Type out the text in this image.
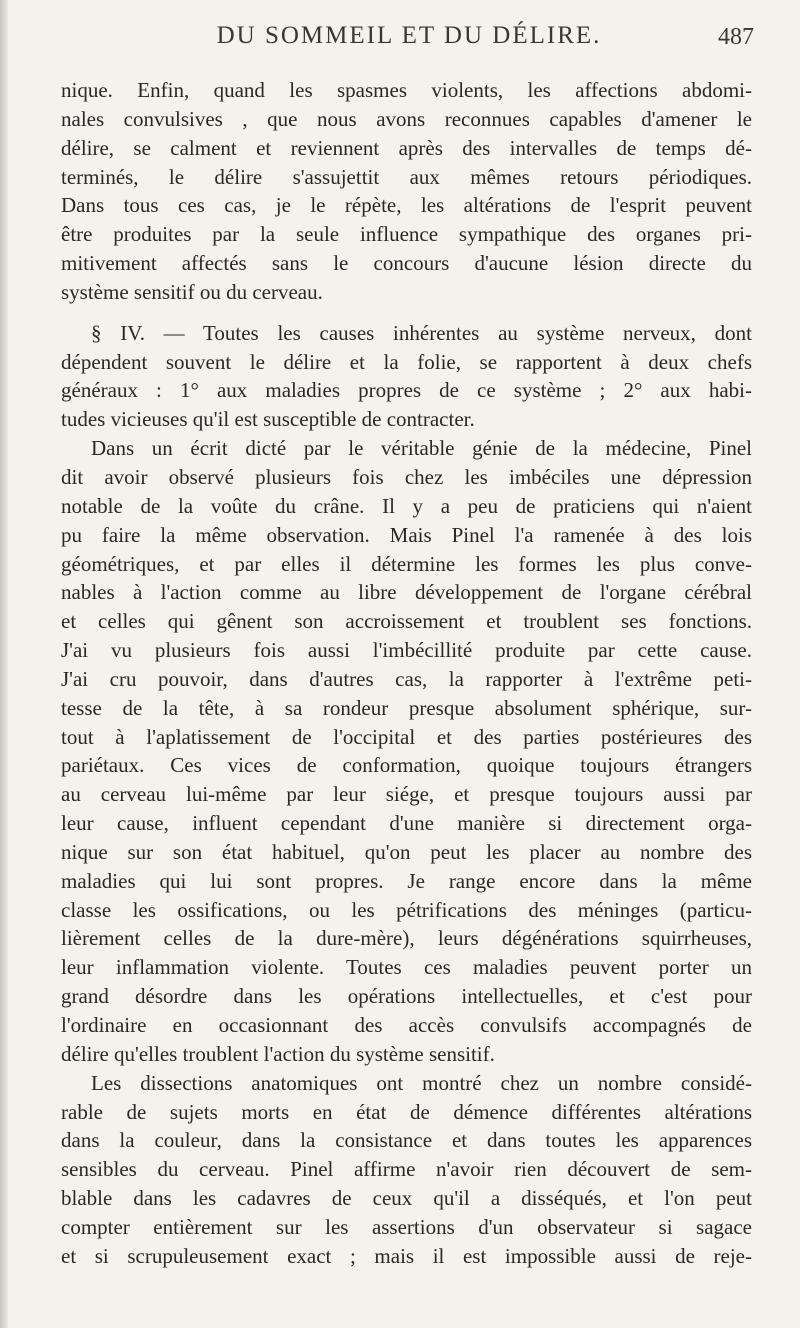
DU SOMMEIL ET DU DÉLIRE.	487
nique. Enfin, quand les spasmes violents, les affections abdomi-
nales convulsives , que nous avons reconnues capables d'amener le
délire, se calment et reviennent après des intervalles de temps dé-
terminés, le délire s'assujettit aux mêmes retours périodiques.
Dans tous ces cas, je le répète, les altérations de l'esprit peuvent
être produites par la seule influence sympathique des organes pri-
mitivement affectés sans le concours d'aucune lésion directe du
système sensitif ou du cerveau.
§ IV. — Toutes les causes inhérentes au système nerveux, dont
dépendent souvent le délire et la folie, se rapportent à deux chefs
généraux : 1° aux maladies propres de ce système ; 2° aux habi-
tudes vicieuses qu'il est susceptible de contracter.
Dans un écrit dicté par le véritable génie de la médecine, Pinel
dit avoir observé plusieurs fois chez les imbéciles une dépression
notable de la voûte du crâne. Il y a peu de praticiens qui n'aient
pu faire la même observation. Mais Pinel l'a ramenée à des lois
géométriques, et par elles il détermine les formes les plus conve-
nables à l'action comme au libre développement de l'organe cérébral
et celles qui gênent son accroissement et troublent ses fonctions.
J'ai vu plusieurs fois aussi l'imbécillité produite par cette cause.
J'ai cru pouvoir, dans d'autres cas, la rapporter à l'extrême peti-
tesse de la tête, à sa rondeur presque absolument sphérique, sur-
tout à l'aplatissement de l'occipital et des parties postérieures des
pariétaux. Ces vices de conformation, quoique toujours étrangers
au cerveau lui-même par leur siége, et presque toujours aussi par
leur cause, influent cependant d'une manière si directement orga-
nique sur son état habituel, qu'on peut les placer au nombre des
maladies qui lui sont propres. Je range encore dans la même
classe les ossifications, ou les pétrifications des méninges (particu-
lièrement celles de la dure-mère), leurs dégénérations squirrheuses,
leur inflammation violente. Toutes ces maladies peuvent porter un
grand désordre dans les opérations intellectuelles, et c'est pour
l'ordinaire en occasionnant des accès convulsifs accompagnés de
délire qu'elles troublent l'action du système sensitif.
Les dissections anatomiques ont montré chez un nombre considé-
rable de sujets morts en état de démence différentes altérations
dans la couleur, dans la consistance et dans toutes les apparences
sensibles du cerveau. Pinel affirme n'avoir rien découvert de sem-
blable dans les cadavres de ceux qu'il a disséqués, et l'on peut
compter entièrement sur les assertions d'un observateur si sagace
et si scrupuleusement exact ; mais il est impossible aussi de reje-
